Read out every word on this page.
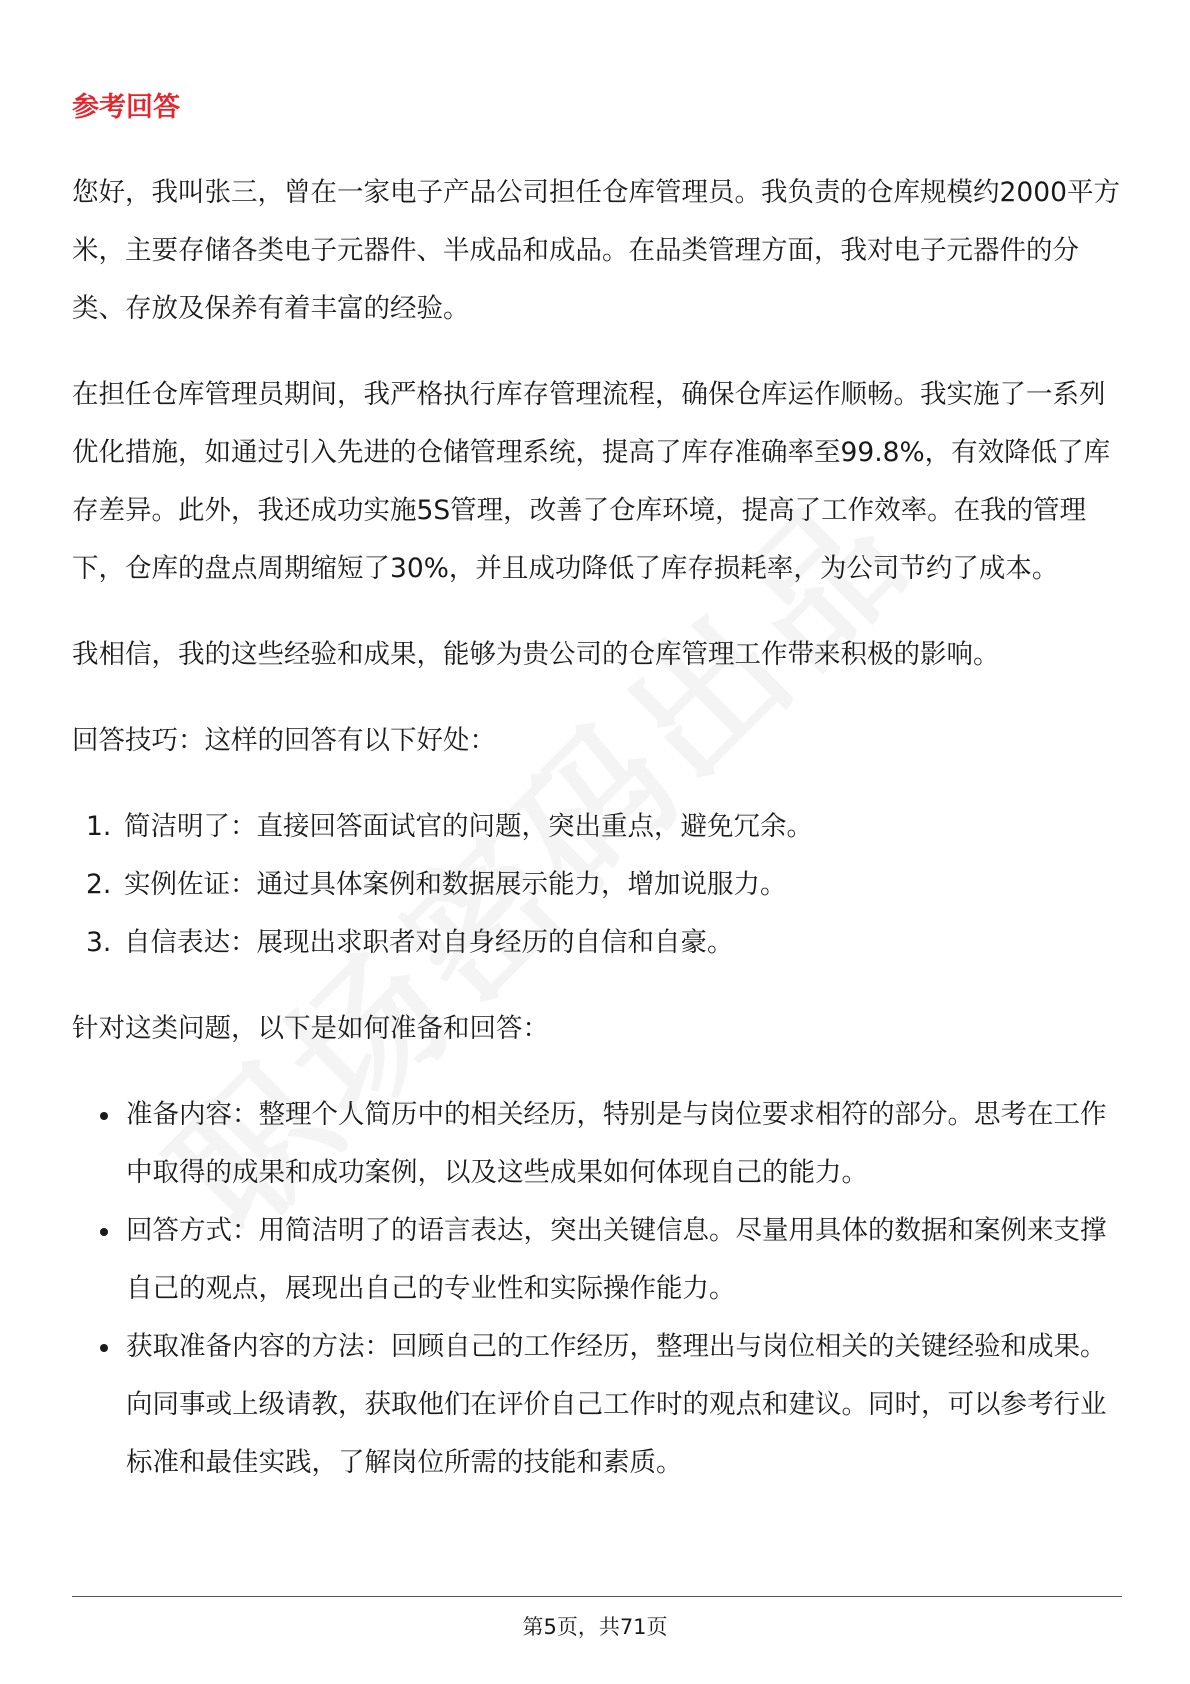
参考回答

您好，我叫张三，曾在一家电子产品公司担任仓库管理员。我负责的仓库规模约2000平方米，主要存储各类电子元器件、半成品和成品。在品类管理方面，我对电子元器件的分类、存放及保养有着丰富的经验。

在担任仓库管理员期间，我严格执行库存管理流程，确保仓库运作顺畅。我实施了一系列优化措施，如通过引入先进的仓储管理系统，提高了库存准确率至99.8%，有效降低了库存差异。此外，我还成功实施5S管理，改善了仓库环境，提高了工作效率。在我的管理下，仓库的盘点周期缩短了30%，并且成功降低了库存损耗率，为公司节约了成本。

我相信，我的这些经验和成果，能够为贵公司的仓库管理工作带来积极的影响。

回答技巧：这样的回答有以下好处：

1. 简洁明了：直接回答面试官的问题，突出重点，避免冗余。
2. 实例佐证：通过具体案例和数据展示能力，增加说服力。
3. 自信表达：展现出求职者对自身经历的自信和自豪。

针对这类问题，以下是如何准备和回答：

准备内容：整理个人简历中的相关经历，特别是与岗位要求相符的部分。思考在工作中取得的成果和成功案例，以及这些成果如何体现自己的能力。
回答方式：用简洁明了的语言表达，突出关键信息。尽量用具体的数据和案例来支撑自己的观点，展现出自己的专业性和实际操作能力。
获取准备内容的方法：回顾自己的工作经历，整理出与岗位相关的关键经验和成果。向同事或上级请教，获取他们在评价自己工作时的观点和建议。同时，可以参考行业标准和最佳实践，了解岗位所需的技能和素质。
第5页，共71页
